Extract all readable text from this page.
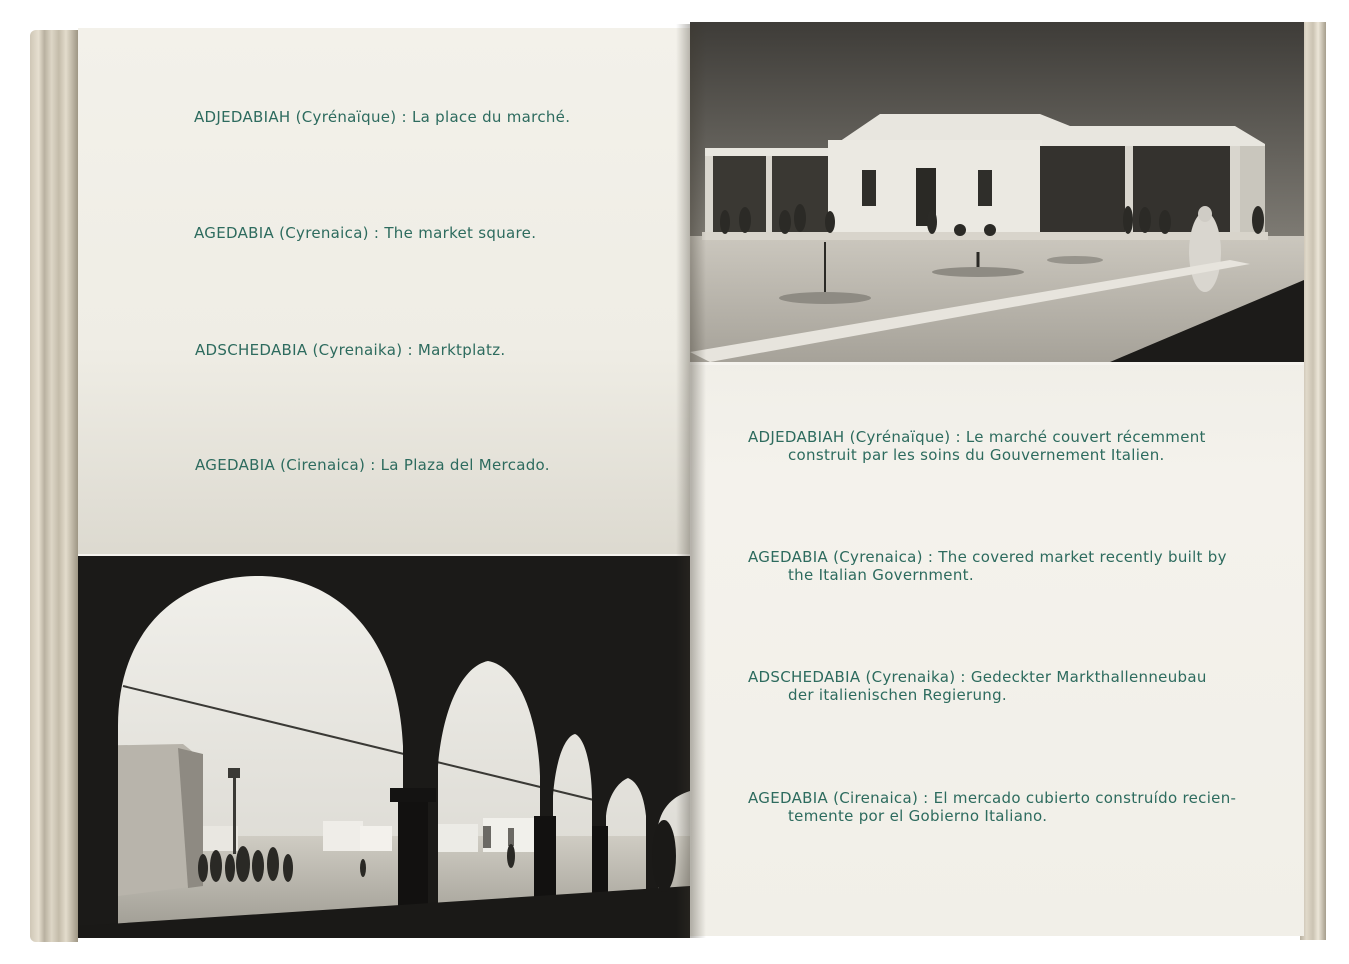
ADJEDABIAH (Cyrénaïque) : La place du marché.
AGEDABIA (Cyrenaica) : The market square.
ADSCHEDABIA (Cyrenaika) : Marktplatz.
AGEDABIA (Cirenaica) : La Plaza del Mercado.
ADJEDABIAH (Cyrénaïque) : Le marché couvert récemment
construit par les soins du Gouvernement Italien.
AGEDABIA (Cyrenaica) : The covered market recently built by
the Italian Government.
ADSCHEDABIA (Cyrenaika) : Gedeckter Markthallenneubau
der italienischen Regierung.
AGEDABIA (Cirenaica) : El mercado cubierto construído recien-
temente por el Gobierno Italiano.
